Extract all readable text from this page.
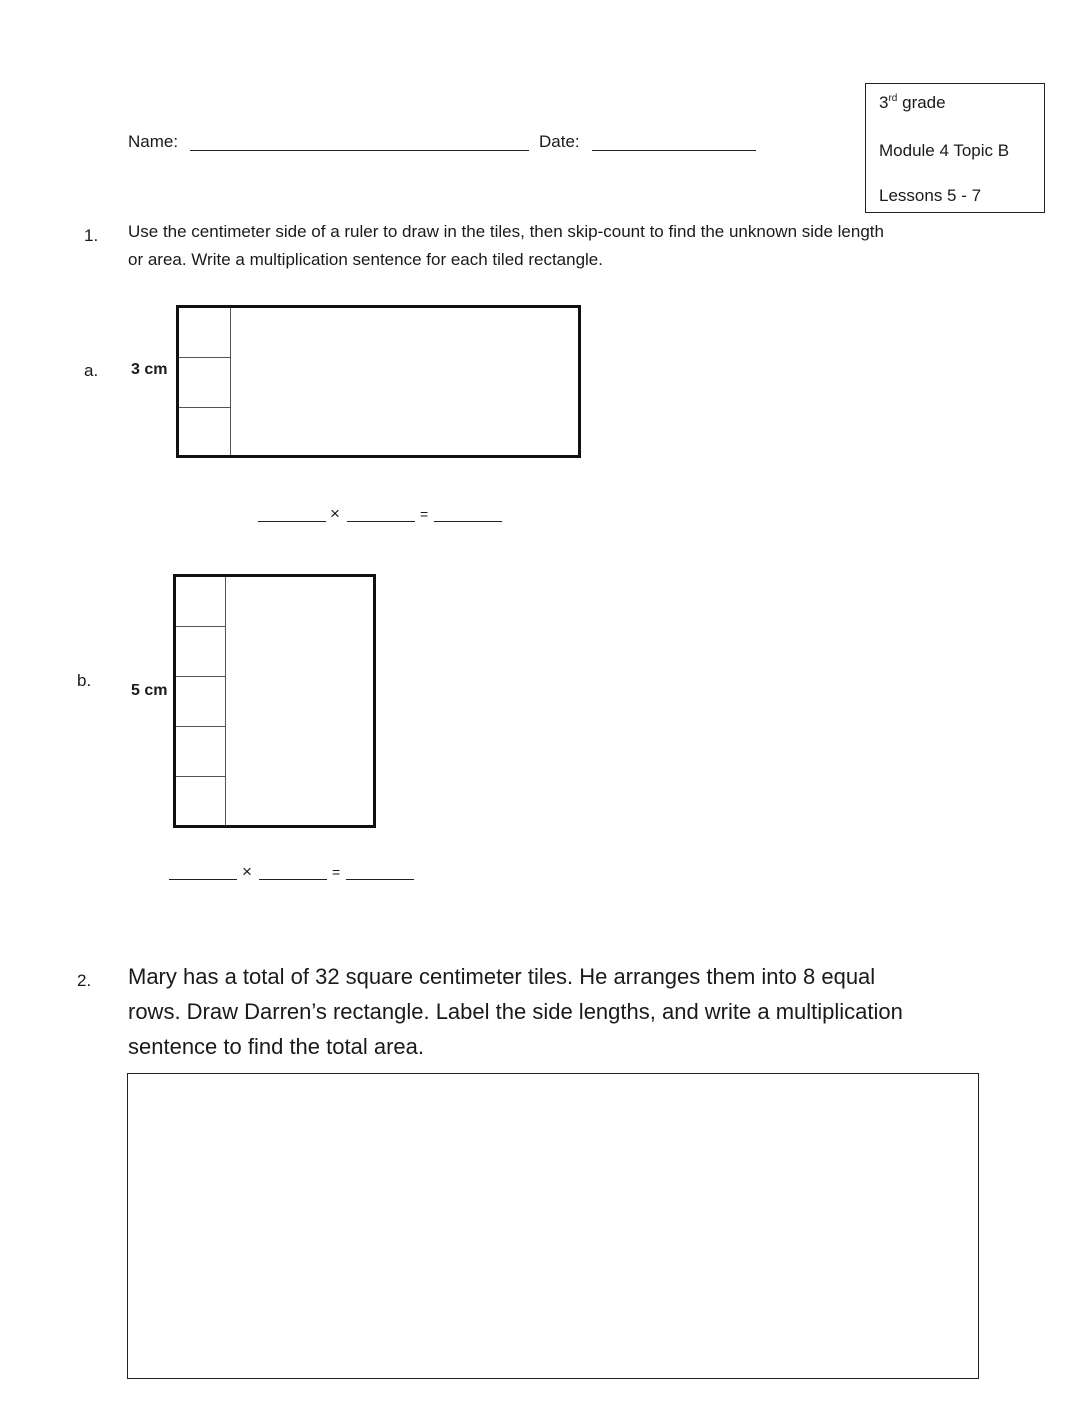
3rd grade
Module 4 Topic B
Lessons 5 - 7
Name:	Date:
1. Use the centimeter side of a ruler to draw in the tiles, then skip-count to find the unknown side length
or area. Write a multiplication sentence for each tiled rectangle.
a. 3 cm
×	=
b.
5 cm
×	=
2. Mary has a total of 32 square centimeter tiles. He arranges them into 8 equal
rows. Draw Darren’s rectangle. Label the side lengths, and write a multiplication
sentence to find the total area.
